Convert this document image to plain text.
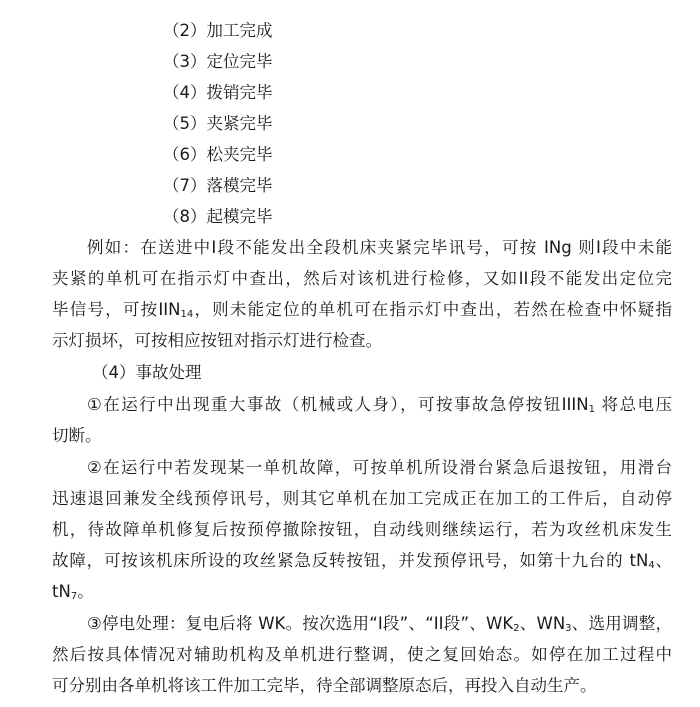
（2）加工完成
（3）定位完毕
（4）拨销完毕
（5）夹紧完毕
（6）松夹完毕
（7）落模完毕
（8）起模完毕
例如：在送进中I段不能发出全段机床夹紧完毕讯号，可按 INg 则I段中未能
夹紧的单机可在指示灯中查出，然后对该机进行检修，又如II段不能发出定位完
毕信号，可按$IIN_{14}$，则未能定位的单机可在指示灯中查出，若然在检查中怀疑指
示灯损坏，可按相应按钮对指示灯进行检查。
（4）事故处理
①在运行中出现重大事故（机械或人身），可按事故急停按钮$IIIN_1$ 将总电压
切断。
②在运行中若发现某一单机故障，可按单机所设滑台紧急后退按钮，用滑台
迅速退回兼发全线预停讯号，则其它单机在加工完成正在加工的工件后，自动停
机，待故障单机修复后按预停撤除按钮，自动线则继续运行，若为攻丝机床发生
故障，可按该机床所设的攻丝紧急反转按钮，并发预停讯号，如第十九台的 $tN_4$、
$tN_7$。
③停电处理：复电后将 WK。按次选用“I段”、“II段”、$WK_2$、$WN_3$、选用调整，
然后按具体情况对辅助机构及单机进行整调，使之复回始态。如停在加工过程中
可分别由各单机将该工件加工完毕，待全部调整原态后，再投入自动生产。
